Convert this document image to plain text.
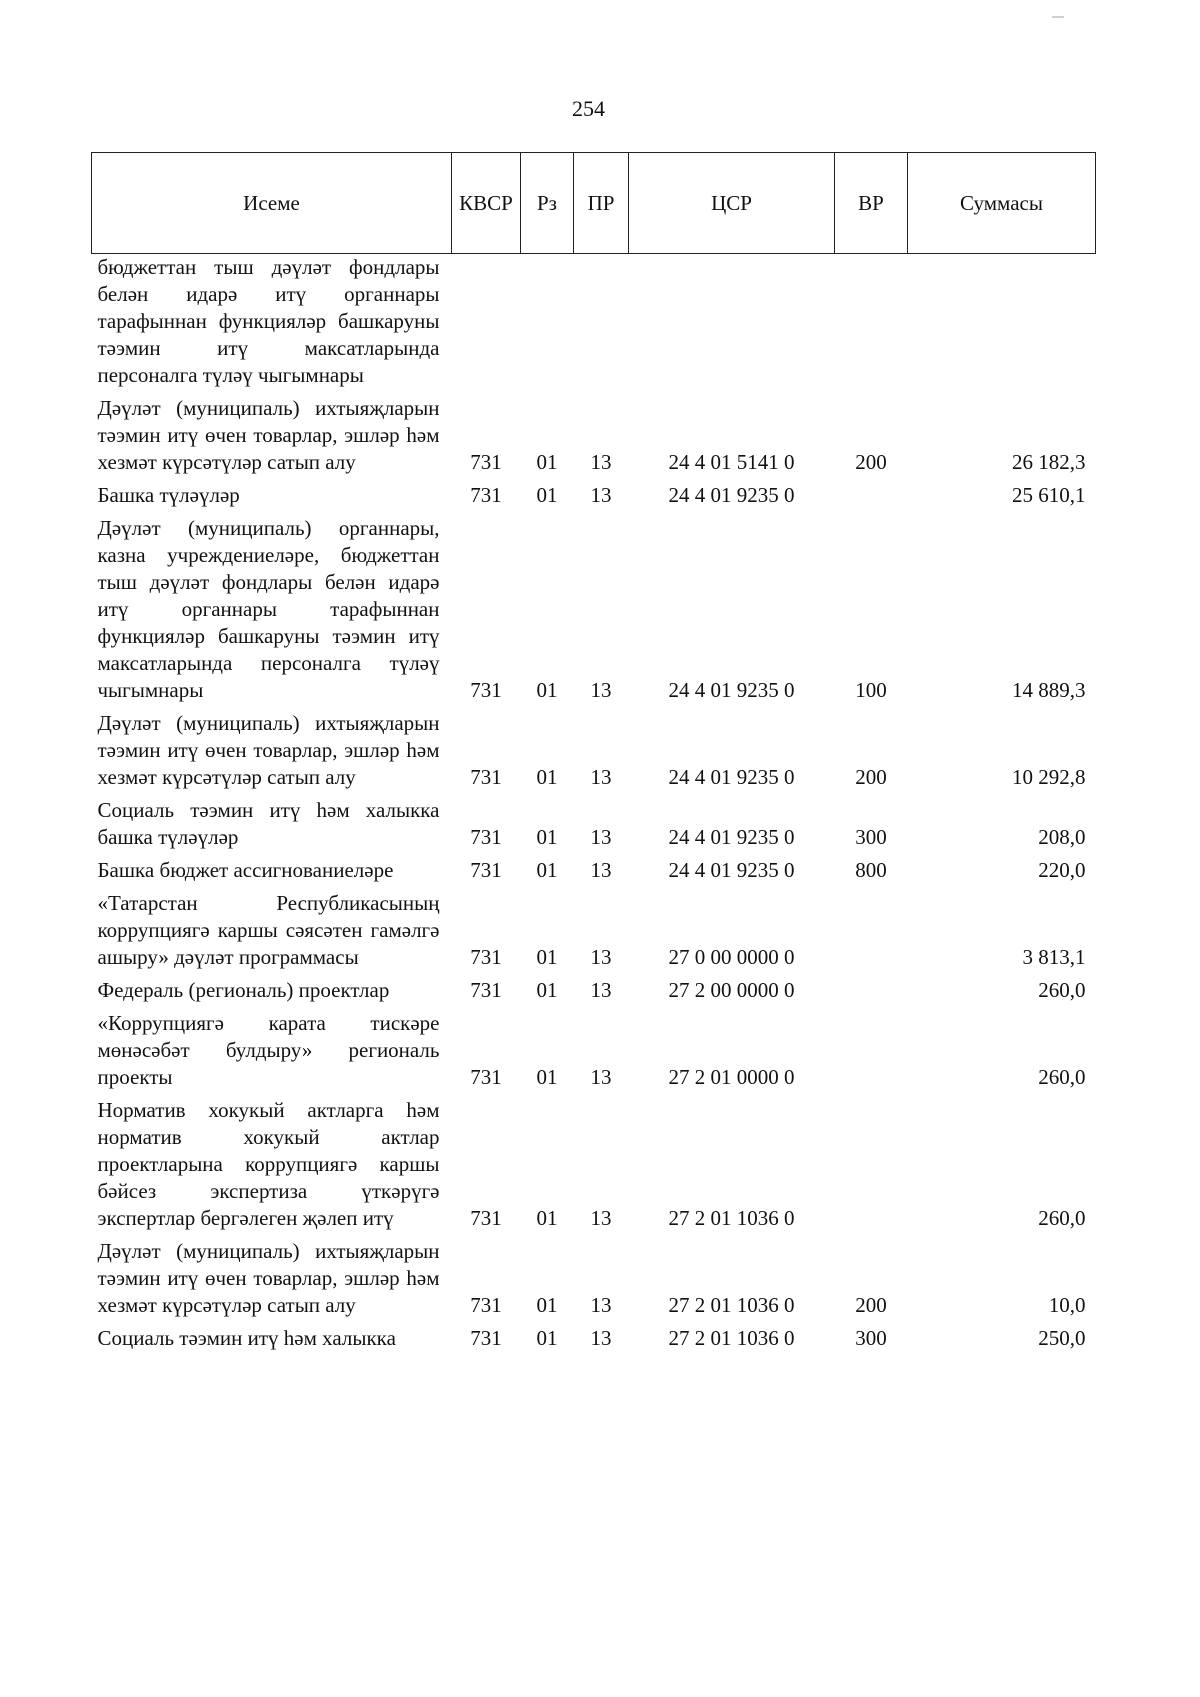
254
Исеме	КВСР	Рз	ПР	ЦСР	ВР	Суммасы
бюджеттан тыш дәүләт фондлары белән идарә итү органнары тарафыннан функцияләр башкаруны тәэмин итү максатларында персоналга түләү чыгымнары						
Дәүләт (муниципаль) ихтыяҗларын тәэмин итү өчен товарлар, эшләр һәм хезмәт күрсәтүләр сатып алу	731	01	13	24 4 01 5141 0	200	26 182,3
Башка түләүләр	731	01	13	24 4 01 9235 0		25 610,1
Дәүләт (муниципаль) органнары, казна учреждениеләре, бюджеттан тыш дәүләт фондлары белән идарә итү органнары тарафыннан функцияләр башкаруны тәэмин итү максатларында персоналга түләү чыгымнары	731	01	13	24 4 01 9235 0	100	14 889,3
Дәүләт (муниципаль) ихтыяҗларын тәэмин итү өчен товарлар, эшләр һәм хезмәт күрсәтүләр сатып алу	731	01	13	24 4 01 9235 0	200	10 292,8
Социаль тәэмин итү һәм халыкка башка түләүләр	731	01	13	24 4 01 9235 0	300	208,0
Башка бюджет ассигнованиеләре	731	01	13	24 4 01 9235 0	800	220,0
«Татарстан Республикасының коррупциягә каршы сәясәтен гамәлгә ашыру» дәүләт программасы	731	01	13	27 0 00 0000 0		3 813,1
Федераль (региональ) проектлар	731	01	13	27 2 00 0000 0		260,0
«Коррупциягә карата тискәре мөнәсәбәт булдыру» региональ проекты	731	01	13	27 2 01 0000 0		260,0
Норматив хокукый актларга һәм норматив хокукый актлар проектларына коррупциягә каршы бәйсез экспертиза үткәрүгә экспертлар бергәлеген җәлеп итү	731	01	13	27 2 01 1036 0		260,0
Дәүләт (муниципаль) ихтыяҗларын тәэмин итү өчен товарлар, эшләр һәм хезмәт күрсәтүләр сатып алу	731	01	13	27 2 01 1036 0	200	10,0
Социаль тәэмин итү һәм халыкка	731	01	13	27 2 01 1036 0	300	250,0
